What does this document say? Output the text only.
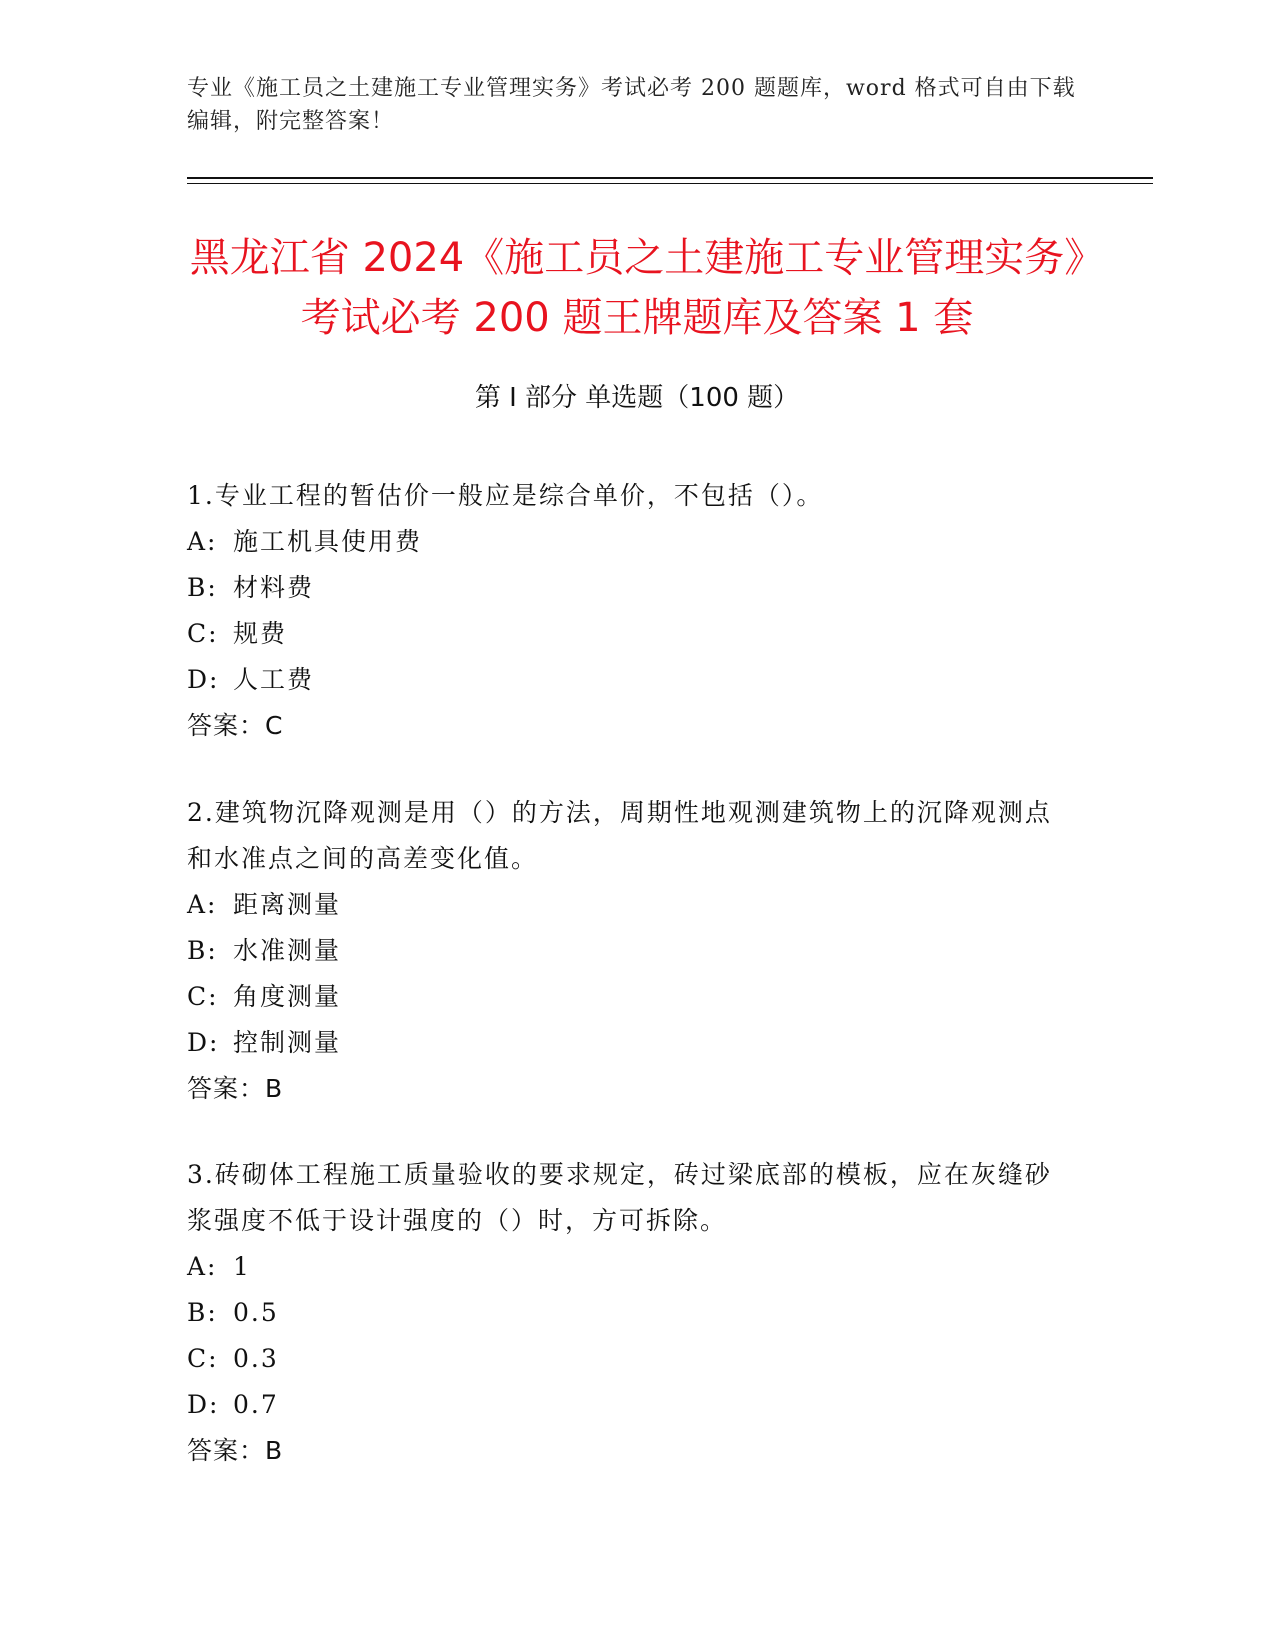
专业《施工员之土建施工专业管理实务》考试必考 200 题题库，word 格式可自由下载编辑，附完整答案！
黑龙江省 2024《施工员之土建施工专业管理实务》考试必考 200 题王牌题库及答案 1 套
第 I 部分 单选题（100 题）
1.专业工程的暂估价一般应是综合单价，不包括（）。
A: 施工机具使用费
B: 材料费
C: 规费
D: 人工费
答案：C
2.建筑物沉降观测是用（）的方法，周期性地观测建筑物上的沉降观测点和水准点之间的高差变化值。
A: 距离测量
B: 水准测量
C: 角度测量
D: 控制测量
答案：B
3.砖砌体工程施工质量验收的要求规定，砖过梁底部的模板，应在灰缝砂浆强度不低于设计强度的（）时，方可拆除。
A: 1
B: 0.5
C: 0.3
D: 0.7
答案：B
